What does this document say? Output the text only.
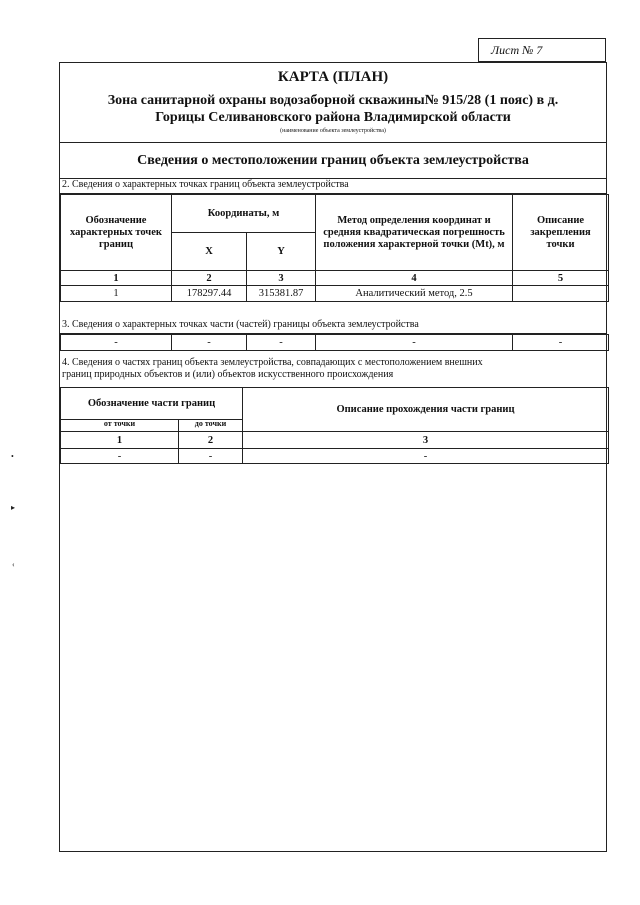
Лист № 7
•
▸
‹
КАРТА (ПЛАН)
Зона санитарной охраны водозаборной скважины№ 915/28 (1 пояс) в д.
Горицы Селивановского района Владимирской области
(наименование объекта землеустройства)
Сведения о местоположении границ объекта землеустройства
2. Сведения о характерных точках границ объекта землеустройства
Обозначение характерных точек границ	Координаты, м		Метод определения координат и средняя квадратическая погрешность положения характерной точки (Mt), м	Описание закрепления точки
	X	Y		
1	2	3	4	5
1	178297.44	315381.87	Аналитический метод, 2.5	
3. Сведения о характерных точках части (частей) границы объекта землеустройства
-	-	-	-	-
4. Сведения о частях границ объекта землеустройства, совпадающих с местоположением внешних
границ природных объектов и (или) объектов искусственного происхождения
Обозначение части границ		Описание прохождения части границ
от точки	до точки	
1	2	3
-	-	-
